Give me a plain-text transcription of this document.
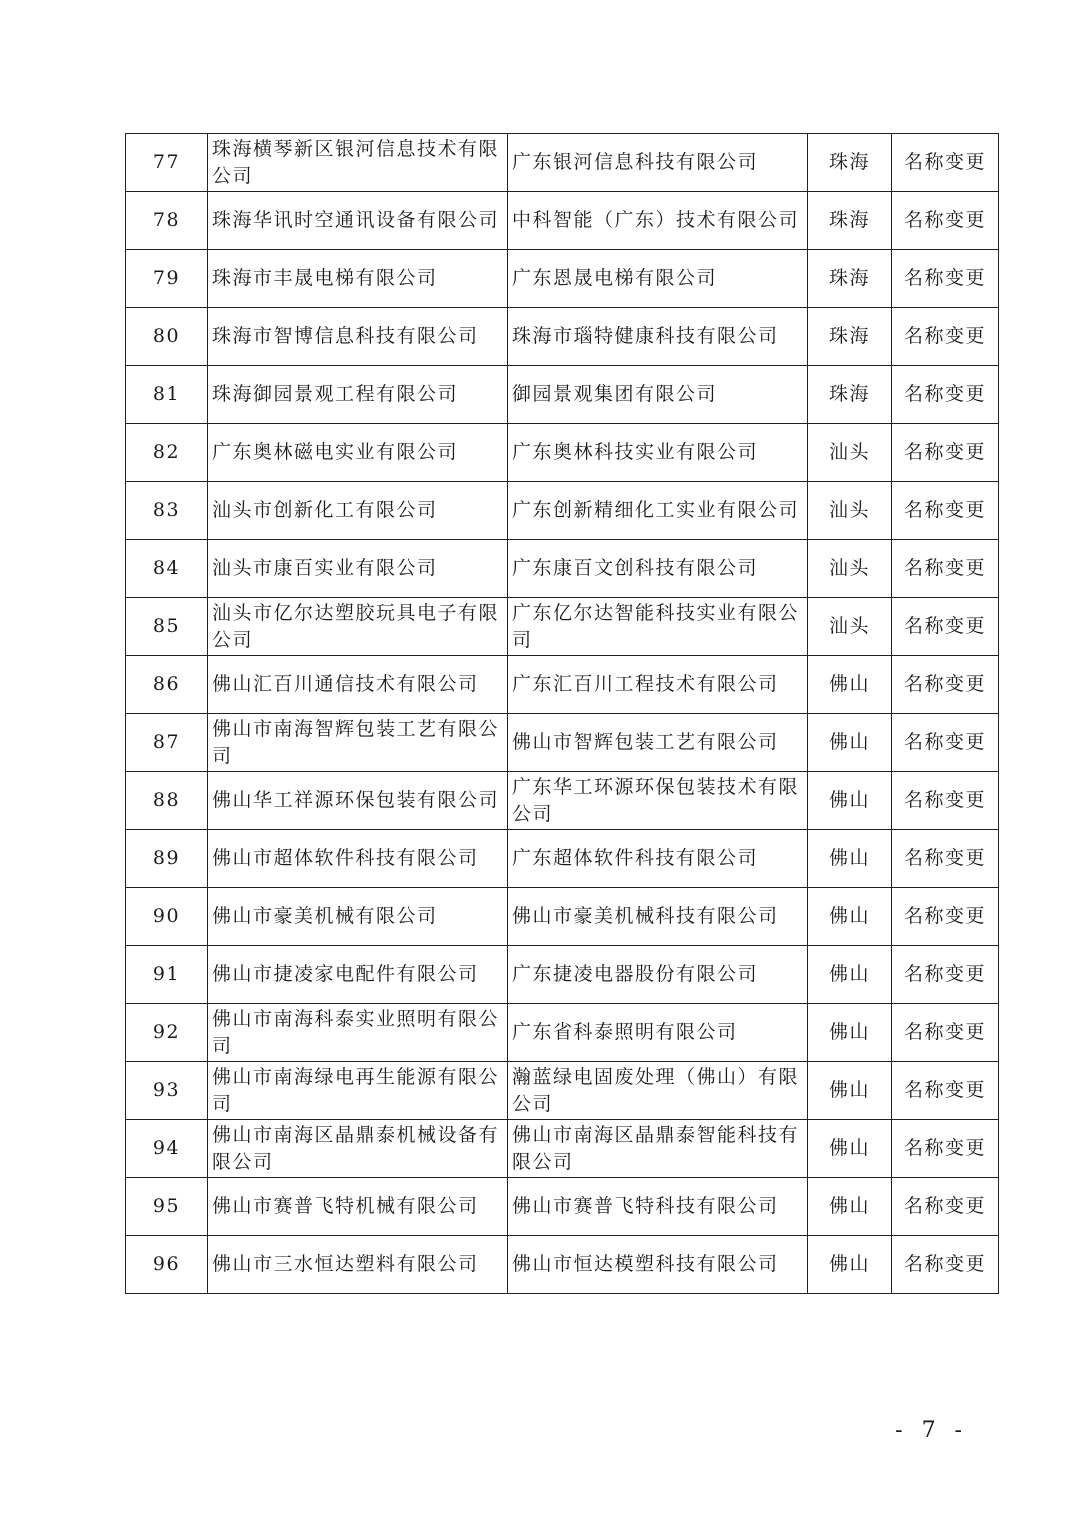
77	珠海横琴新区银河信息技术有限公司	广东银河信息科技有限公司	珠海	名称变更
78	珠海华讯时空通讯设备有限公司	中科智能（广东）技术有限公司	珠海	名称变更
79	珠海市丰晟电梯有限公司	广东恩晟电梯有限公司	珠海	名称变更
80	珠海市智博信息科技有限公司	珠海市瑙特健康科技有限公司	珠海	名称变更
81	珠海御园景观工程有限公司	御园景观集团有限公司	珠海	名称变更
82	广东奥林磁电实业有限公司	广东奥林科技实业有限公司	汕头	名称变更
83	汕头市创新化工有限公司	广东创新精细化工实业有限公司	汕头	名称变更
84	汕头市康百实业有限公司	广东康百文创科技有限公司	汕头	名称变更
85	汕头市亿尔达塑胶玩具电子有限公司	广东亿尔达智能科技实业有限公司	汕头	名称变更
86	佛山汇百川通信技术有限公司	广东汇百川工程技术有限公司	佛山	名称变更
87	佛山市南海智辉包装工艺有限公司	佛山市智辉包装工艺有限公司	佛山	名称变更
88	佛山华工祥源环保包装有限公司	广东华工环源环保包装技术有限公司	佛山	名称变更
89	佛山市超体软件科技有限公司	广东超体软件科技有限公司	佛山	名称变更
90	佛山市豪美机械有限公司	佛山市豪美机械科技有限公司	佛山	名称变更
91	佛山市捷凌家电配件有限公司	广东捷凌电器股份有限公司	佛山	名称变更
92	佛山市南海科泰实业照明有限公司	广东省科泰照明有限公司	佛山	名称变更
93	佛山市南海绿电再生能源有限公司	瀚蓝绿电固废处理（佛山）有限公司	佛山	名称变更
94	佛山市南海区晶鼎泰机械设备有限公司	佛山市南海区晶鼎泰智能科技有限公司	佛山	名称变更
95	佛山市赛普飞特机械有限公司	佛山市赛普飞特科技有限公司	佛山	名称变更
96	佛山市三水恒达塑料有限公司	佛山市恒达模塑科技有限公司	佛山	名称变更
- 7 -
